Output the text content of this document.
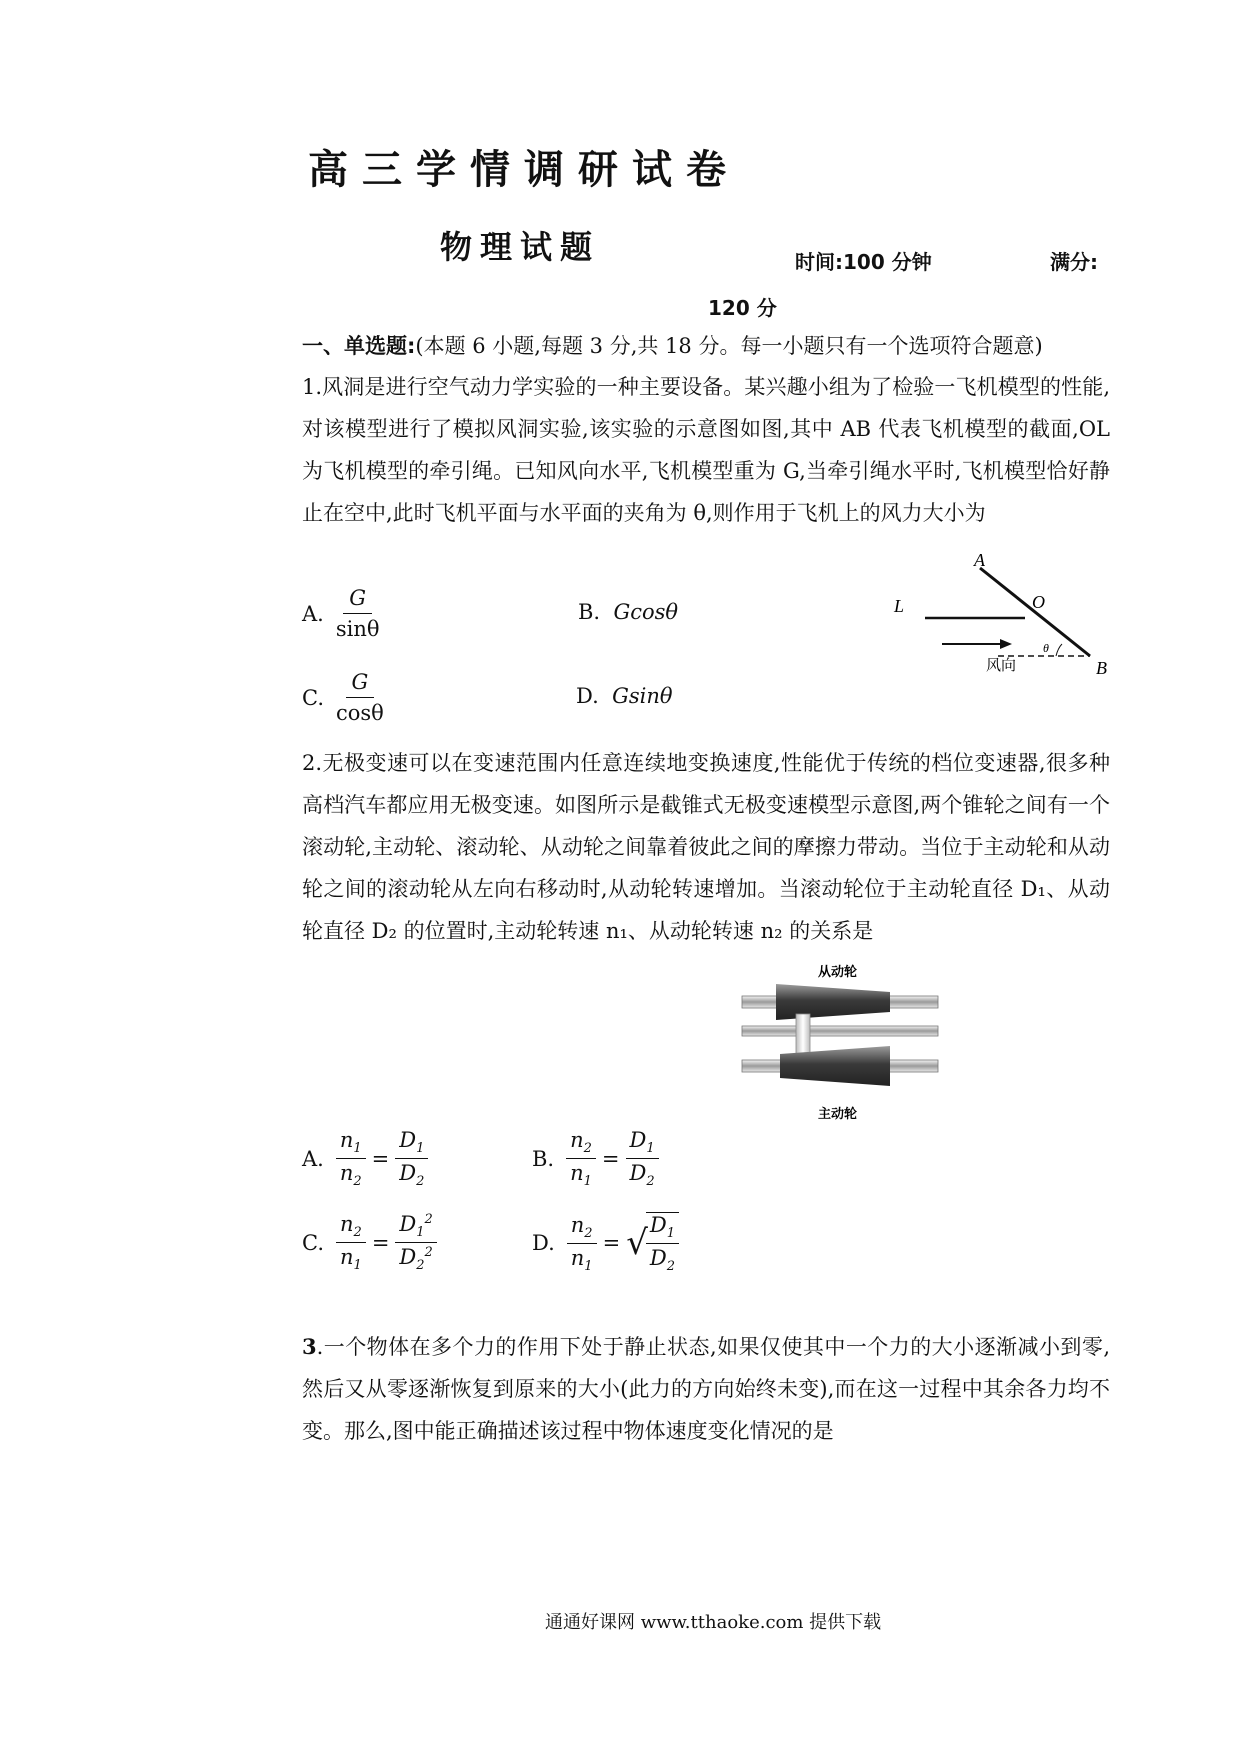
高三学情调研试卷
物理试题	时间:100 分钟	满分:
120 分
一、单选题:(本题 6 小题,每题 3 分,共 18 分。每一小题只有一个选项符合题意)
1.风洞是进行空气动力学实验的一种主要设备。某兴趣小组为了检验一飞机模型的性能,对该模型进行了模拟风洞实验,该实验的示意图如图,其中 AB 代表飞机模型的截面,OL 为飞机模型的牵引绳。已知风向水平,飞机模型重为 G,当牵引绳水平时,飞机模型恰好静止在空中,此时飞机平面与水平面的夹角为 θ,则作用于飞机上的风力大小为
A. $\frac{G}{\sin\theta}$	B.
Gcosθ
C. $\frac{G}{\cos\theta}$	D.
Gsinθ
A
O
L
B
θ
风向
2.无极变速可以在变速范围内任意连续地变换速度,性能优于传统的档位变速器,很多种高档汽车都应用无极变速。如图所示是截锥式无极变速模型示意图,两个锥轮之间有一个滚动轮,主动轮、滚动轮、从动轮之间靠着彼此之间的摩擦力带动。当位于主动轮和从动轮之间的滚动轮从左向右移动时,从动轮转速增加。当滚动轮位于主动轮直径 D₁、从动轮直径 D₂ 的位置时,主动轮转速 n₁、从动轮转速 n₂ 的关系是
从动轮
主动轮
A. $\frac{n_1}{n_2} = \frac{D_1}{D_2}$	B. $\frac{n_2}{n_1} = \frac{D_1}{D_2}$
C. $\frac{n_2}{n_1} = \frac{D_1^2}{D_2^2}$	D. $\frac{n_2}{n_1}$ = √
$\frac{D_1}{D_2}$
3.一个物体在多个力的作用下处于静止状态,如果仅使其中一个力的大小逐渐减小到零,然后又从零逐渐恢复到原来的大小(此力的方向始终未变),而在这一过程中其余各力均不变。那么,图中能正确描述该过程中物体速度变化情况的是
通通好课网 www.tthaoke.com 提供下载
